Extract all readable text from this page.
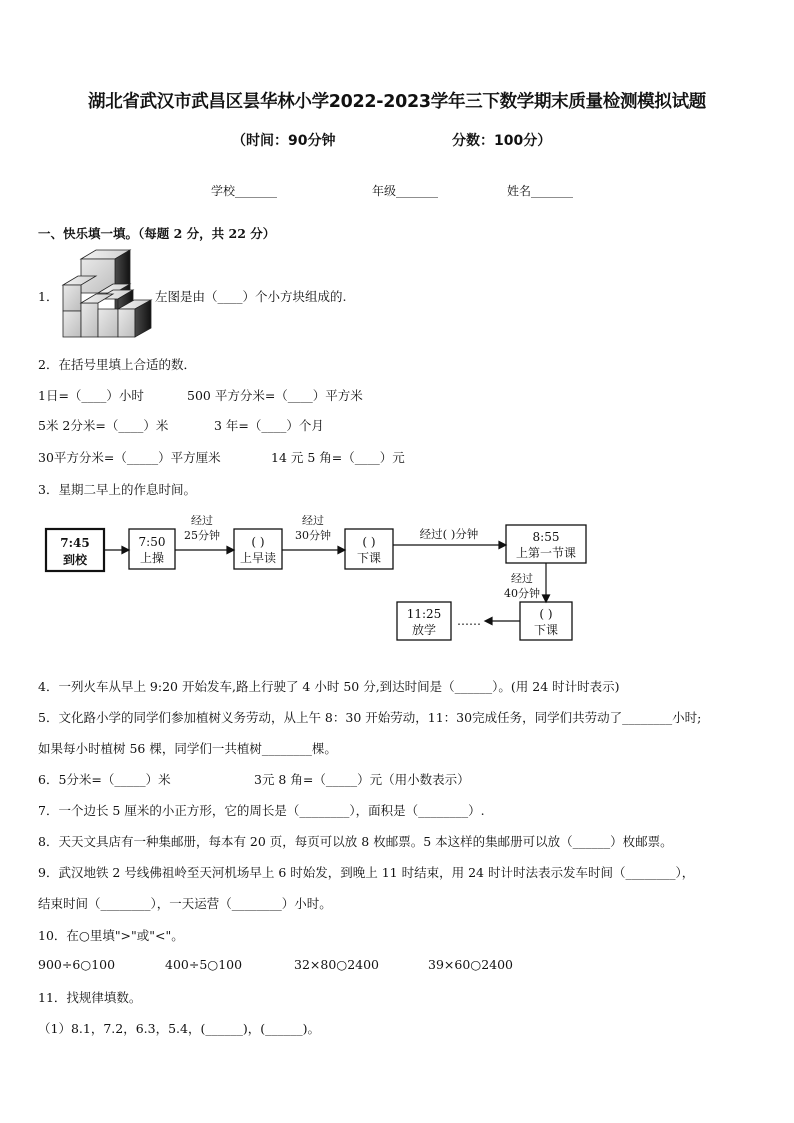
湖北省武汉市武昌区昙华林小学2022-2023学年三下数学期末质量检测模拟试题
（时间：90分钟	分数：100分）
学校_______	年级_______	姓名_______
一、快乐填一填。（每题 2 分，共 22 分）
1．	左图是由（____）个小方块组成的.
2．在括号里填上合适的数．
1日=（____）小时	500 平方分米=（____）平方米
5米 2分米=（____）米	3 年=（____）个月
30平方分米=（_____）平方厘米	14 元 5 角=（____）元
3．星期二早上的作息时间。
7:45
到校
7:50
上操
经过
25分钟	( )
上早读
经过
30分钟	( )
下课
经过( )分钟	8:55
上第一节课
经过
40分钟
( )
下课
……
11:25
放学
4．一列火车从早上 9:20 开始发车,路上行驶了 4 小时 50 分,到达时间是（______）。(用 24 时计时表示)
5．文化路小学的同学们参加植树义务劳动，从上午 8：30 开始劳动，11：30完成任务，同学们共劳动了________小时;
如果每小时植树 56 棵，同学们一共植树________棵。
6．5分米=（_____）米	3元 8 角=（_____）元（用小数表示）
7．一个边长 5 厘米的小正方形，它的周长是（________），面积是（________）.
8．天天文具店有一种集邮册，每本有 20 页，每页可以放 8 枚邮票。5 本这样的集邮册可以放（______）枚邮票。
9．武汉地铁 2 号线佛祖岭至天河机场早上 6 时始发，到晚上 11 时结束，用 24 时计时法表示发车时间（________），
结束时间（________），一天运营（________）小时。
10．在○里填">"或"<"。
900÷6○100	400÷5○100	32×80○2400	39×60○2400
11．找规律填数。
（1）8.1，7.2，6.3，5.4，(______)，(______)。
